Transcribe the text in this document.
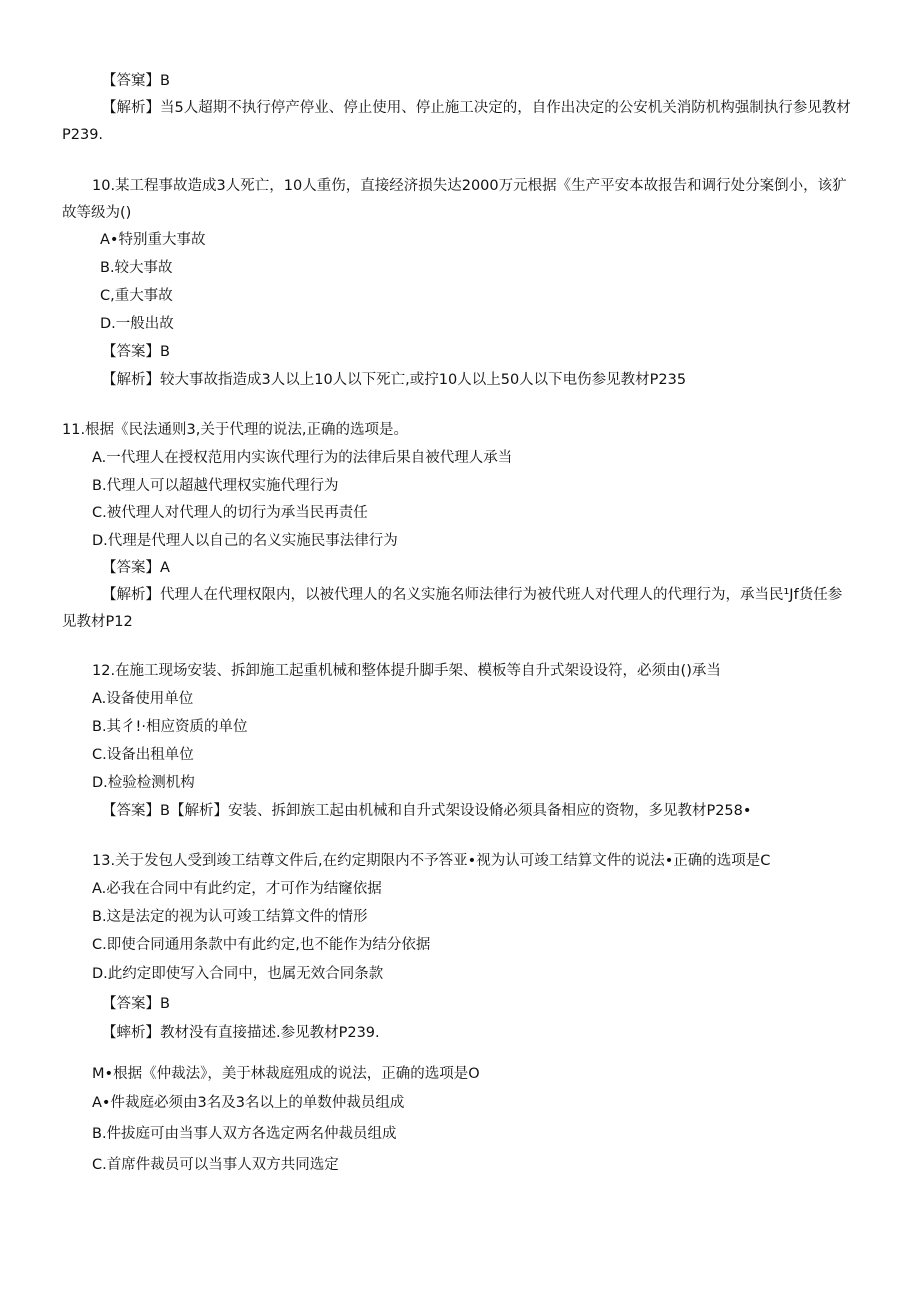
【答窠】B
【解析】当5人超期不执行停产停业、停止使用、停止施工决定的，自作出决定的公安机关消防机构强制执行参见教材P239.
10.某工程事故造成3人死亡，10人重伤，直接经济损失达2000万元根据《生产平安本故报告和调行处分案倒小，该犷故等级为()
A•特别重大事故
B.较大事故
C,重大事故
D.一般出故
【答案】B
【解析】较大事故指造成3人以上10人以下死亡,或拧10人以上50人以下电伤参见教材P235
11.根据《民法通则3,关于代理的说法,正确的选项是。
A.一代理人在授权范用内实诙代理行为的法律后果自被代理人承当
B.代理人可以超越代理权实施代理行为
C.被代理人对代理人的切行为承当民再责任
D.代理是代理人以自己的名义实施民事法律行为
【答案】A
【解析】代理人在代理权限内，以被代理人的名义实施名师法律行为被代班人对代理人的代理行为，承当民¹Jf货任参见教材P12
12.在施工现场安装、拆卸施工起重机械和整体提升脚手架、模板等自升式架设设符，必须由()承当
A.设备使用单位
B.其彳!·相应资质的单位
C.设备出租单位
D.检验检测机构
【答案】B【解析】安装、拆卸族工起由机械和自升式架设设脩必须具备相应的资物，多见教材P258•
13.关于发包人受到竣工结尊文件后,在约定期限内不予答亚•视为认可竣工结算文件的说法•正确的选项是C
A.必我在合同中有此约定，才可作为结窿依据
B.这是法定的视为认可竣工结算文件的情形
C.即使合同通用条款中有此约定,也不能作为结分依据
D.此约定即使写入合同中，也属无效合同条款
【答案】B
【蟀析】教材没有直接描述.参见教材P239.
M•根据《仲裁法》，美于林裁庭殂成的说法，正确的选项是O
A•件裁庭必须由3名及3名以上的单数仲裁员组成
B.件拔庭可由当事人双方各选定两名仲裁员组成
C.首席件裁员可以当事人双方共同选定
